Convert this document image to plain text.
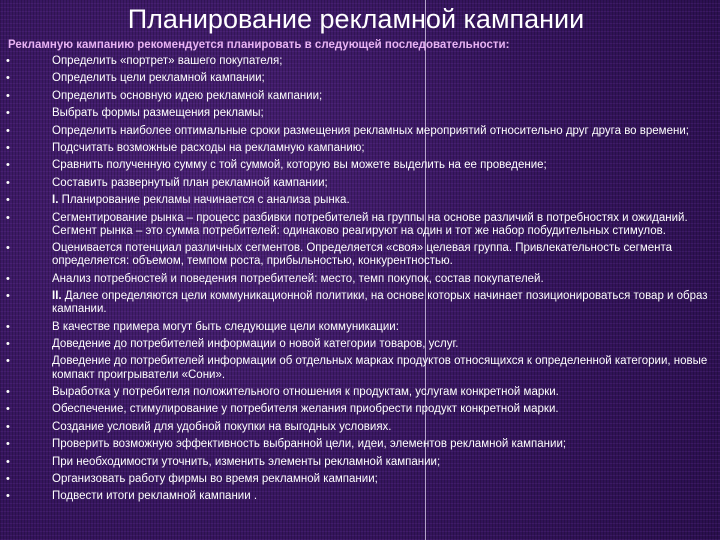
Планирование рекламной кампании

Рекламную кампанию рекомендуется планировать в следующей последовательности:

•	Определить «портрет» вашего покупателя;
•	Определить цели рекламной кампании;
•	Определить основную идею рекламной кампании;
•	Выбрать формы размещения рекламы;
•	Определить наиболее оптимальные сроки размещения рекламных мероприятий относительно друг друга во времени;
•	Подсчитать возможные расходы на рекламную кампанию;
•	Сравнить полученную сумму с той суммой, которую вы можете выделить на ее проведение;
•	Составить развернутый план рекламной кампании;
•	I. Планирование рекламы начинается с анализа рынка.
•	Сегментирование рынка – процесс разбивки потребителей на группы на основе различий в потребностях и ожиданий. Сегмент рынка – это сумма потребителей: одинаково реагируют на один и тот же набор побудительных стимулов.
•	Оценивается потенциал различных сегментов. Определяется «своя» целевая группа. Привлекательность сегмента определяется: объемом, темпом роста, прибыльностью, конкурентностью.
•	Анализ потребностей и поведения потребителей: место, темп покупок, состав покупателей.
•	II. Далее определяются цели коммуникационной политики, на основе которых начинает позиционироваться товар и образ кампании.
•	В качестве примера могут быть следующие цели коммуникации:
•	Доведение до потребителей информации о новой категории товаров, услуг.
•	Доведение до потребителей информации об отдельных марках продуктов относящихся к определенной категории, новые компакт проигрыватели «Сони».
•	Выработка у потребителя положительного отношения к продуктам, услугам конкретной марки.
•	Обеспечение, стимулирование у потребителя желания приобрести продукт конкретной марки.
•	Создание условий для удобной покупки на выгодных условиях.
•	Проверить возможную эффективность выбранной цели, идеи, элементов рекламной кампании;
•	При необходимости уточнить, изменить элементы рекламной кампании;
•	Организовать работу фирмы во время рекламной кампании;
•	Подвести итоги рекламной кампании .
